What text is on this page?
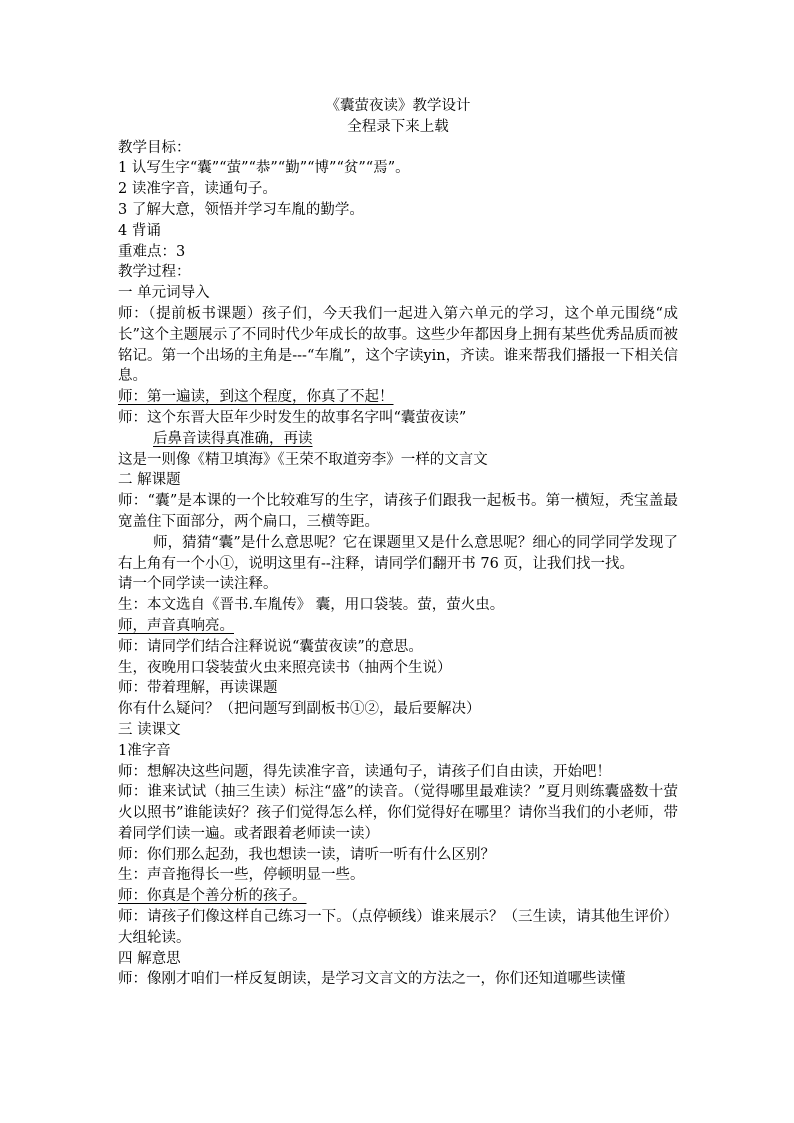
《囊萤夜读》教学设计

全程录下来上载

教学目标：

1 认写生字“囊”“萤”“恭”“勤”“博”“贫”“焉”。

2 读准字音，读通句子。

3 了解大意，领悟并学习车胤的勤学。

4 背诵

重难点：3

教学过程：

一 单元词导入

师：（提前板书课题）孩子们，今天我们一起进入第六单元的学习，这个单元围绕“成长”这个主题展示了不同时代少年成长的故事。这些少年都因身上拥有某些优秀品质而被铭记。第一个出场的主角是---“车胤”，这个字读yin，齐读。谁来帮我们播报一下相关信息。

师：第一遍读，到这个程度，你真了不起！

师：这个东晋大臣年少时发生的故事名字叫“囊萤夜读”

后鼻音读得真准确，再读

这是一则像《精卫填海》《王荣不取道旁李》一样的文言文

二 解课题

师：“囊”是本课的一个比较难写的生字，请孩子们跟我一起板书。第一横短，秃宝盖最宽盖住下面部分，两个扁口，三横等距。

师，猜猜“囊”是什么意思呢？它在课题里又是什么意思呢？细心的同学同学发现了右上角有一个小①，说明这里有--注释，请同学们翻开书 76 页，让我们找一找。

请一个同学读一读注释。

生：本文选自《晋书.车胤传》 囊，用口袋装。萤，萤火虫。

师，声音真响亮。

师：请同学们结合注释说说“囊萤夜读”的意思。

生，夜晚用口袋装萤火虫来照亮读书（抽两个生说）

师：带着理解，再读课题

你有什么疑问？（把问题写到副板书①②，最后要解决）

三 读课文

1准字音

师：想解决这些问题，得先读准字音，读通句子，请孩子们自由读，开始吧！

师：谁来试试（抽三生读）标注“盛”的读音。（觉得哪里最难读？”夏月则练囊盛数十萤火以照书”谁能读好？孩子们觉得怎么样，你们觉得好在哪里？请你当我们的小老师，带着同学们读一遍。或者跟着老师读一读）

师：你们那么起劲，我也想读一读，请听一听有什么区别？

生：声音拖得长一些，停顿明显一些。

师：你真是个善分析的孩子。

师：请孩子们像这样自己练习一下。（点停顿线）谁来展示？（三生读，请其他生评价）大组轮读。

四 解意思

师：像刚才咱们一样反复朗读，是学习文言文的方法之一，你们还知道哪些读懂
